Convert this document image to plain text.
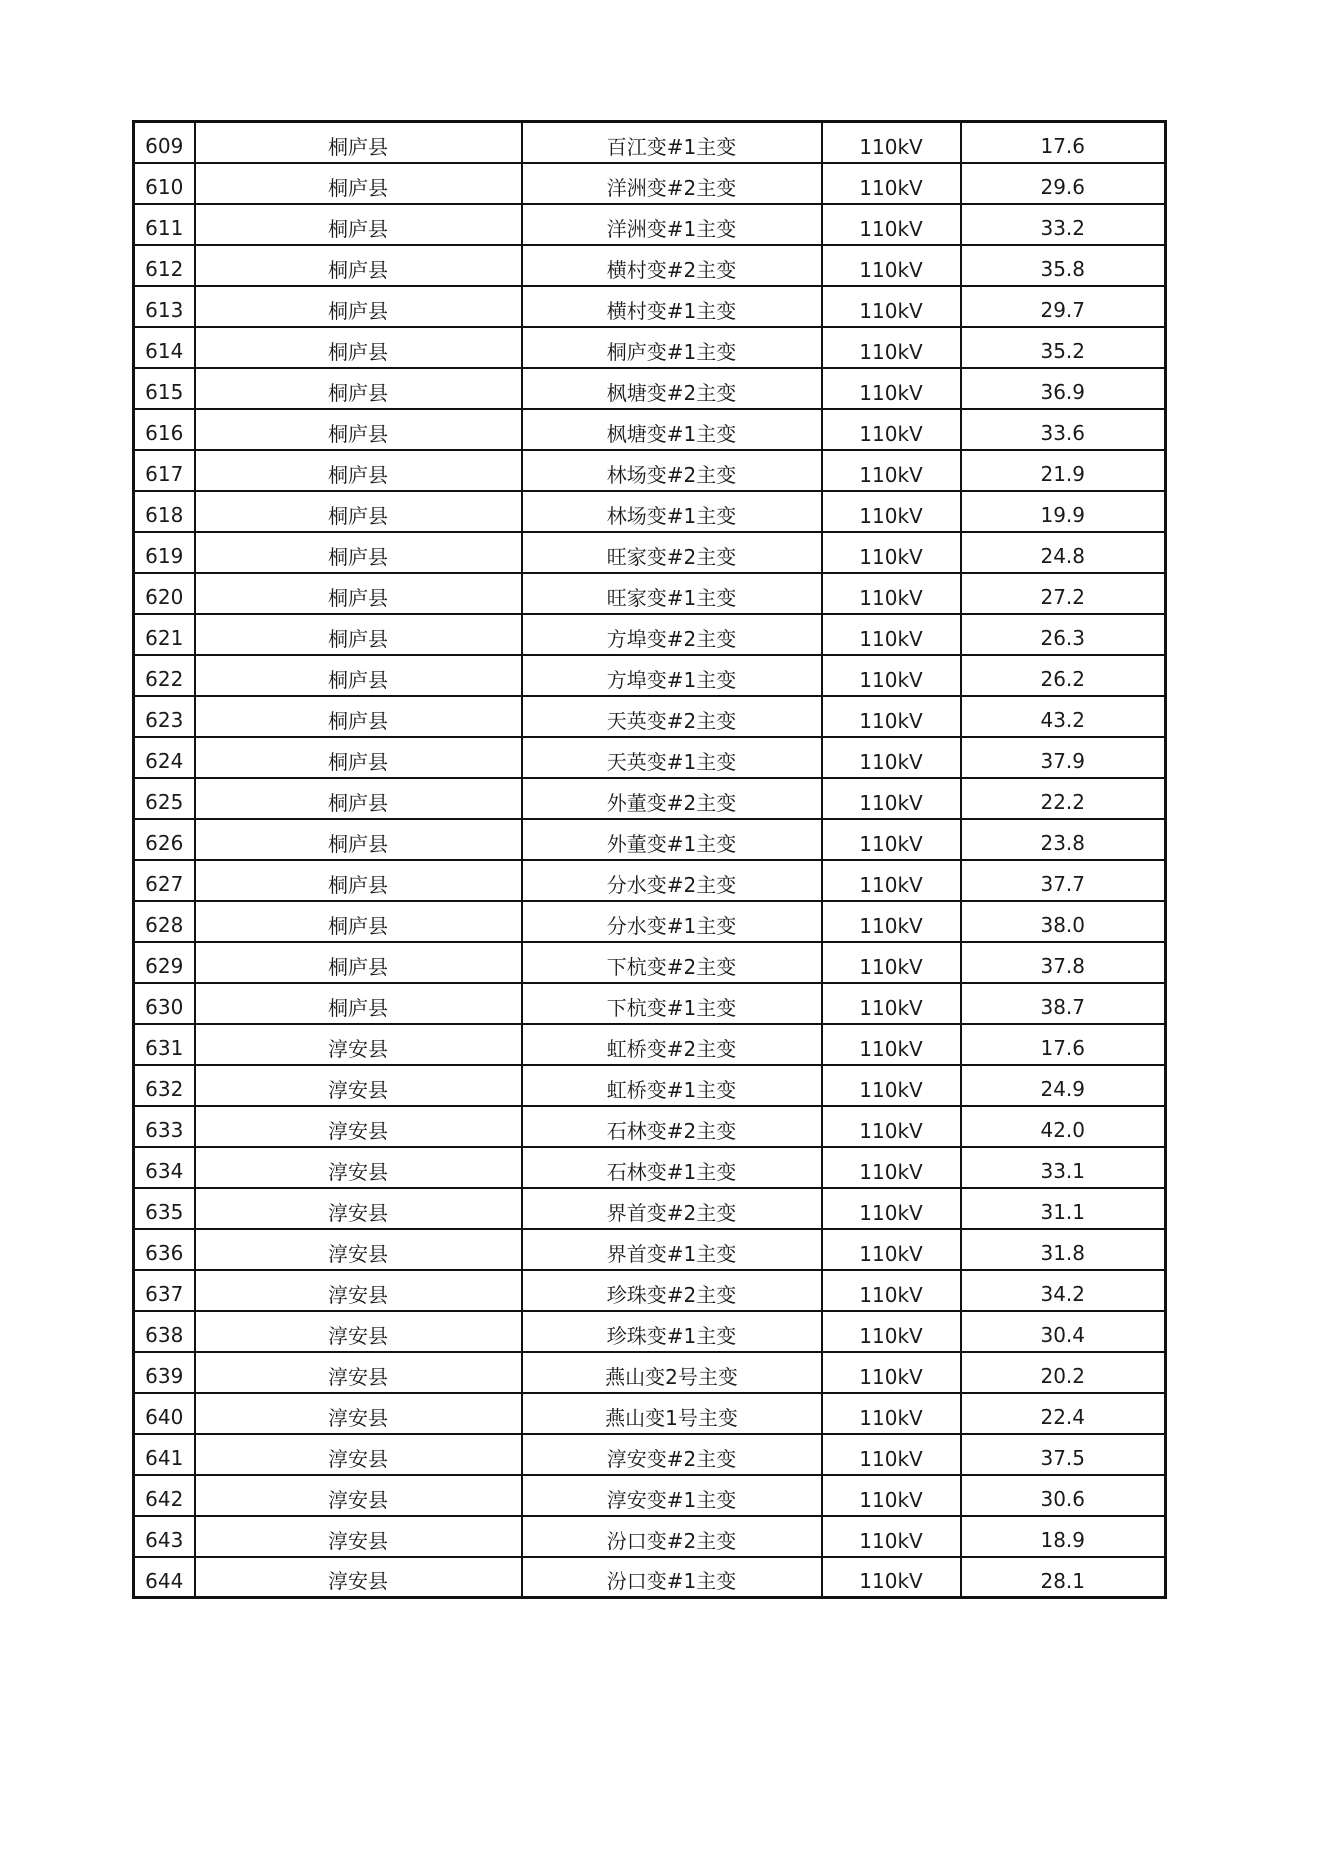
609	桐庐县	百江变#1主变	110kV	17.6
610	桐庐县	洋洲变#2主变	110kV	29.6
611	桐庐县	洋洲变#1主变	110kV	33.2
612	桐庐县	横村变#2主变	110kV	35.8
613	桐庐县	横村变#1主变	110kV	29.7
614	桐庐县	桐庐变#1主变	110kV	35.2
615	桐庐县	枫塘变#2主变	110kV	36.9
616	桐庐县	枫塘变#1主变	110kV	33.6
617	桐庐县	林场变#2主变	110kV	21.9
618	桐庐县	林场变#1主变	110kV	19.9
619	桐庐县	旺家变#2主变	110kV	24.8
620	桐庐县	旺家变#1主变	110kV	27.2
621	桐庐县	方埠变#2主变	110kV	26.3
622	桐庐县	方埠变#1主变	110kV	26.2
623	桐庐县	天英变#2主变	110kV	43.2
624	桐庐县	天英变#1主变	110kV	37.9
625	桐庐县	外董变#2主变	110kV	22.2
626	桐庐县	外董变#1主变	110kV	23.8
627	桐庐县	分水变#2主变	110kV	37.7
628	桐庐县	分水变#1主变	110kV	38.0
629	桐庐县	下杭变#2主变	110kV	37.8
630	桐庐县	下杭变#1主变	110kV	38.7
631	淳安县	虹桥变#2主变	110kV	17.6
632	淳安县	虹桥变#1主变	110kV	24.9
633	淳安县	石林变#2主变	110kV	42.0
634	淳安县	石林变#1主变	110kV	33.1
635	淳安县	界首变#2主变	110kV	31.1
636	淳安县	界首变#1主变	110kV	31.8
637	淳安县	珍珠变#2主变	110kV	34.2
638	淳安县	珍珠变#1主变	110kV	30.4
639	淳安县	燕山变2号主变	110kV	20.2
640	淳安县	燕山变1号主变	110kV	22.4
641	淳安县	淳安变#2主变	110kV	37.5
642	淳安县	淳安变#1主变	110kV	30.6
643	淳安县	汾口变#2主变	110kV	18.9
644	淳安县	汾口变#1主变	110kV	28.1
